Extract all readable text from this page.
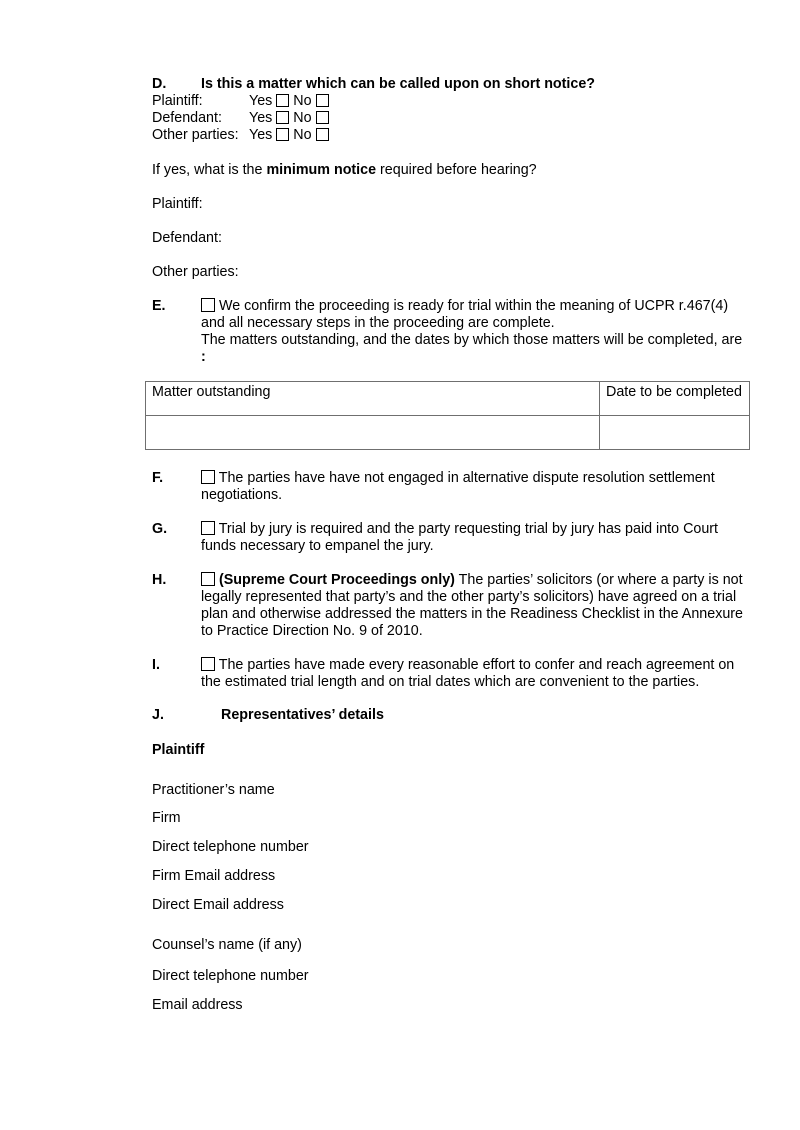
D. Is this a matter which can be called upon on short notice?
Plaintiff:	Yes No
Defendant: Yes No
Other parties: Yes No
If yes, what is the minimum notice required before hearing?
Plaintiff:
Defendant:
Other parties:
E.	We confirm the proceeding is ready for trial within the meaning of UCPR r.467(4) and all necessary steps in the proceeding are complete.
The matters outstanding, and the dates by which those matters will be completed, are :
Matter outstanding	Date to be completed

F.	The parties have have not engaged in alternative dispute resolution settlement negotiations.
G.	Trial by jury is required and the party requesting trial by jury has paid into Court funds necessary to empanel the jury.
H.	(Supreme Court Proceedings only) The parties’ solicitors (or where a party is not legally represented that party’s and the other party’s solicitors) have agreed on a trial plan and otherwise addressed the matters in the Readiness Checklist in the Annexure to Practice Direction No. 9 of 2010.
I.	The parties have made every reasonable effort to confer and reach agreement on the estimated trial length and on trial dates which are convenient to the parties.
J.	Representatives’ details
Plaintiff
Practitioner’s name
Firm
Direct telephone number
Firm Email address
Direct Email address
Counsel’s name (if any)
Direct telephone number
Email address
